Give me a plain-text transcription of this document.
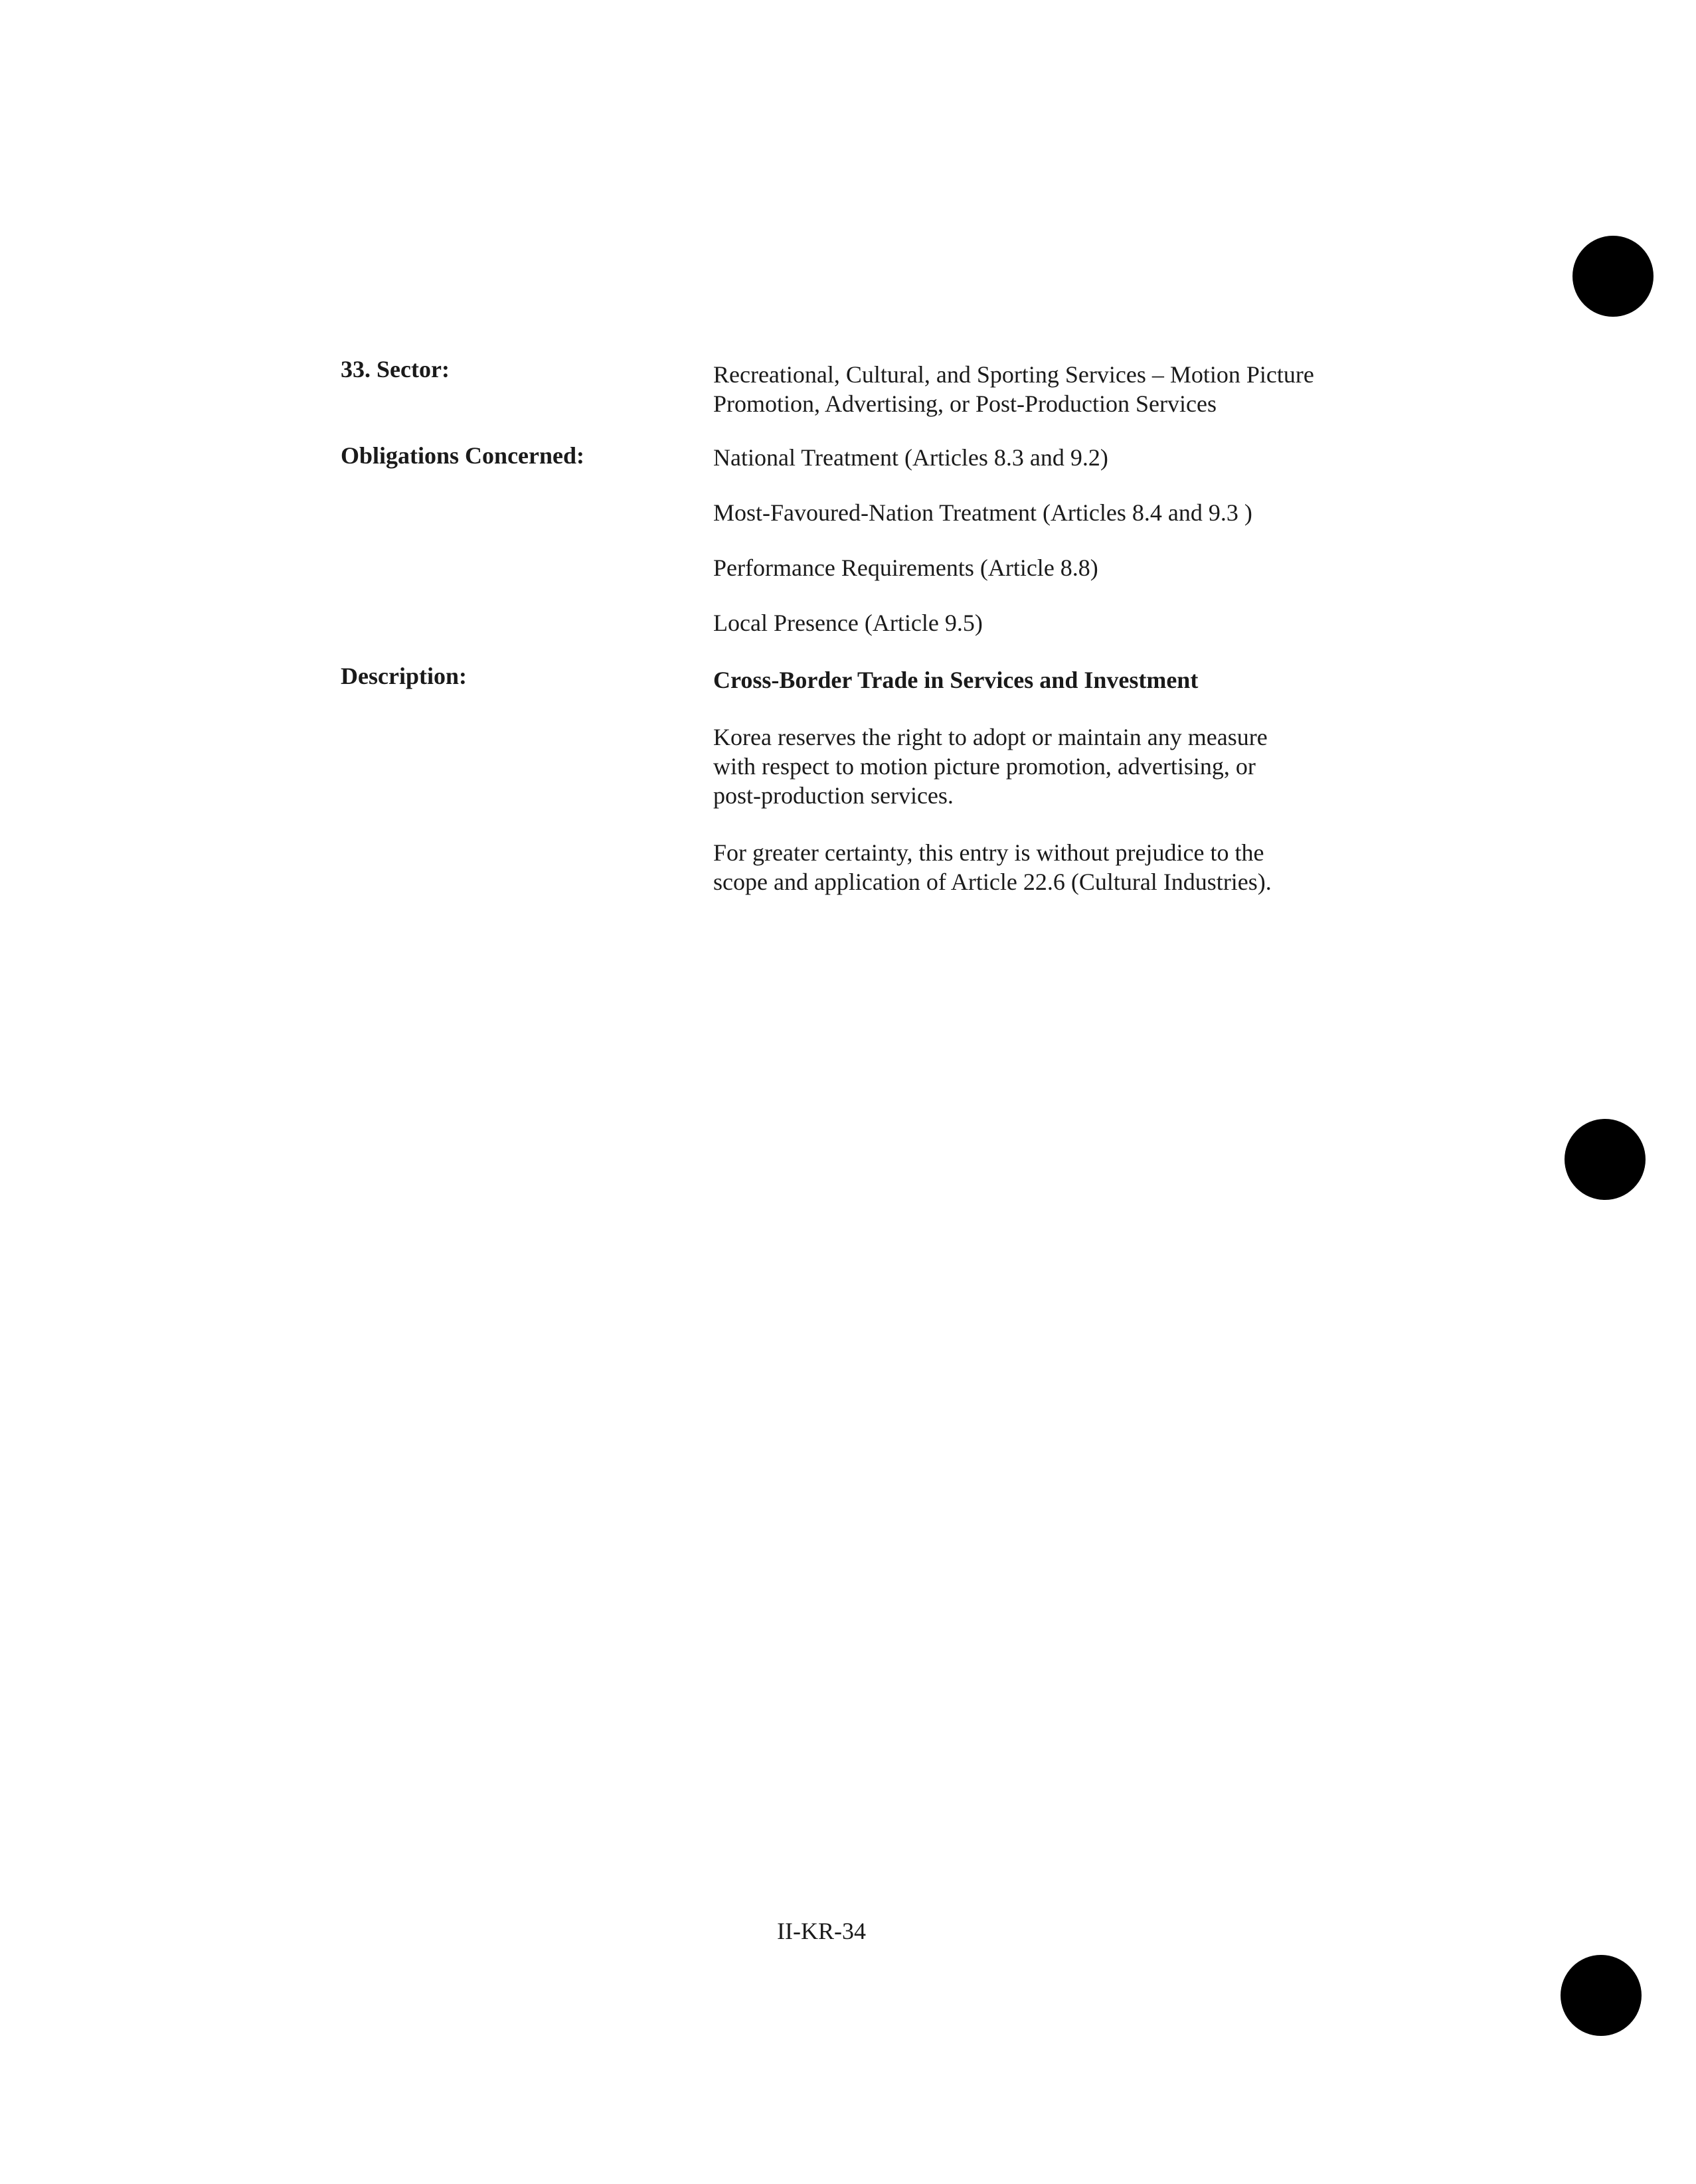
33. Sector:	Recreational, Cultural, and Sporting Services – Motion Picture
Promotion, Advertising, or Post-Production Services
Obligations Concerned:	National Treatment (Articles 8.3 and 9.2)
Most-Favoured-Nation Treatment (Articles 8.4 and 9.3 )
Performance Requirements (Article 8.8)
Local Presence (Article 9.5)
Description:	Cross-Border Trade in Services and Investment
Korea reserves the right to adopt or maintain any measure
with respect to motion picture promotion, advertising, or
post-production services.
For greater certainty, this entry is without prejudice to the
scope and application of Article 22.6 (Cultural Industries).
II-KR-34
